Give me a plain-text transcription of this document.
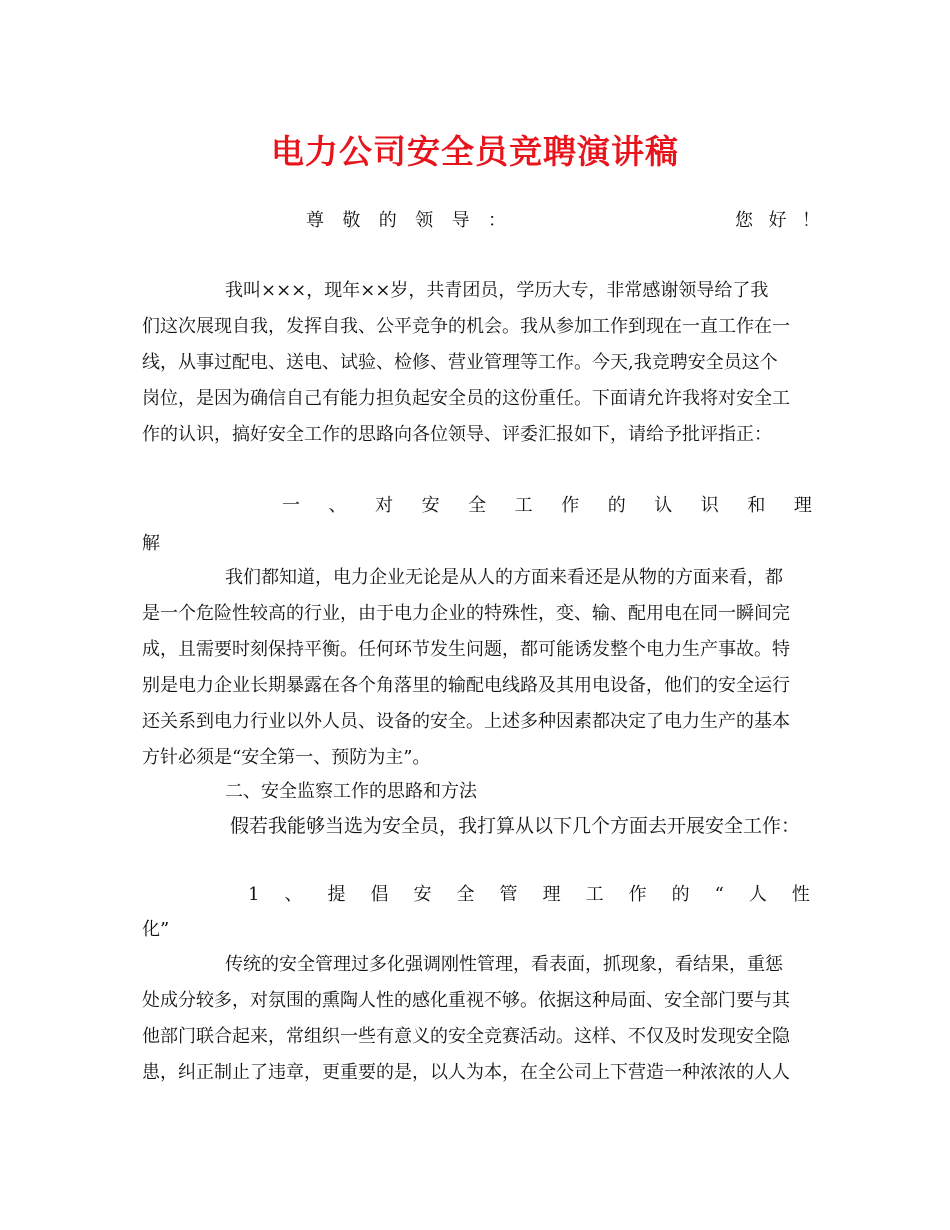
电力公司安全员竞聘演讲稿
尊 敬 的 领 导 ：	您 好 ！
我叫×××，现年××岁，共青团员，学历大专，非常感谢领导给了我
们这次展现自我，发挥自我、公平竞争的机会。我从参加工作到现在一直工作在一
线，从事过配电、送电、试验、检修、营业管理等工作。今天,我竞聘安全员这个
岗位，是因为确信自己有能力担负起安全员的这份重任。下面请允许我将对安全工
作的认识，搞好安全工作的思路向各位领导、评委汇报如下，请给予批评指正：
一 、 对 安 全 工 作 的 认 识 和 理
解
我们都知道，电力企业无论是从人的方面来看还是从物的方面来看，都
是一个危险性较高的行业，由于电力企业的特殊性，变、输、配用电在同一瞬间完
成，且需要时刻保持平衡。任何环节发生问题，都可能诱发整个电力生产事故。特
别是电力企业长期暴露在各个角落里的输配电线路及其用电设备，他们的安全运行
还关系到电力行业以外人员、设备的安全。上述多种因素都决定了电力生产的基本
方针必须是“安全第一、预防为主”。
二、安全监察工作的思路和方法
假若我能够当选为安全员，我打算从以下几个方面去开展安全工作：
1 、 提 倡 安 全 管 理 工 作 的 “ 人 性
化”
传统的安全管理过多化强调刚性管理，看表面，抓现象，看结果，重惩
处成分较多，对氛围的熏陶人性的感化重视不够。依据这种局面、安全部门要与其
他部门联合起来，常组织一些有意义的安全竞赛活动。这样、不仅及时发现安全隐
患，纠正制止了违章，更重要的是，以人为本，在全公司上下营造一种浓浓的人人
